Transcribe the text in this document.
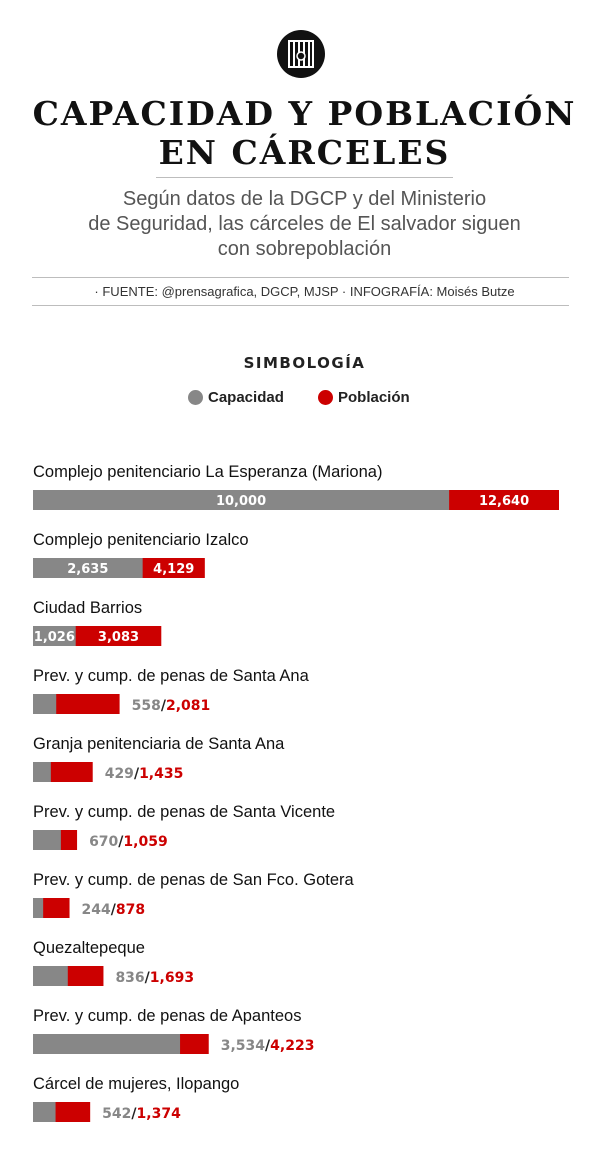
CAPACIDAD Y POBLACIÓN
EN CÁRCELES
Según datos de la DGCP y del Ministerio
de Seguridad, las cárceles de El salvador siguen
con sobrepoblación
· FUENTE: @prensagrafica, DGCP, MJSP · INFOGRAFÍA: Moisés Butze
SIMBOLOGÍA
Capacidad	Población
Complejo penitenciario La Esperanza (Mariona)
10,000	12,640
Complejo penitenciario Izalco
2,635	4,129
Ciudad Barrios
1,026 3,083
Prev. y cump. de penas de Santa Ana
558/2,081
Granja penitenciaria de Santa Ana
429/1,435
Prev. y cump. de penas de Santa Vicente
670/1,059
Prev. y cump. de penas de San Fco. Gotera
244/878
Quezaltepeque
836/1,693
Prev. y cump. de penas de Apanteos
3,534/4,223
Cárcel de mujeres, Ilopango
542/1,374
